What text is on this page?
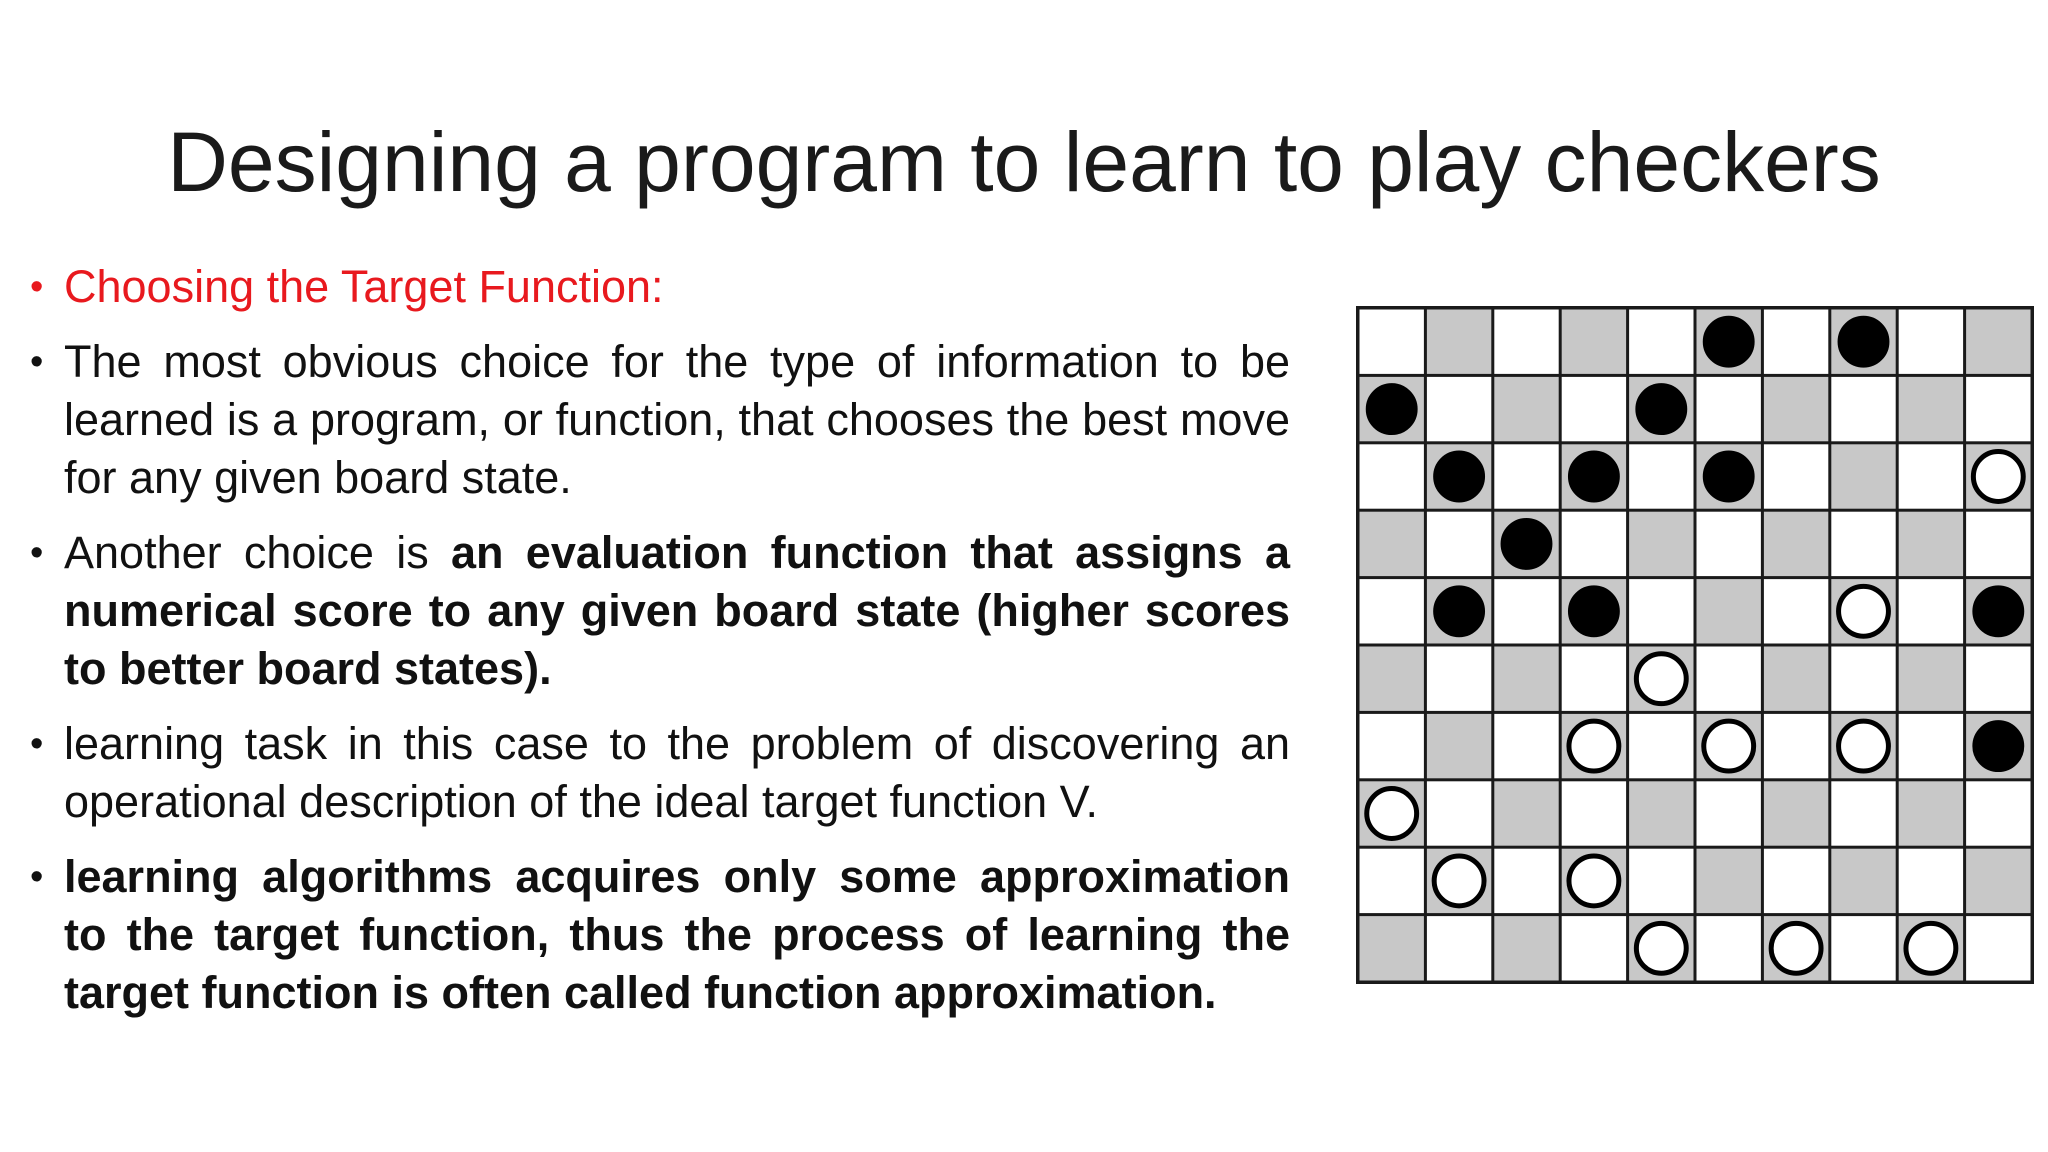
Designing a program to learn to play checkers
• Choosing the Target Function:
• The most obvious choice for the type of information to be learned is a program, or function, that chooses the best move for any given board state.
• Another choice is an evaluation function that assigns a numerical score to any given board state (higher scores to better board states).
• learning task in this case to the problem of discovering an operational description of the ideal target function V.
• learning algorithms acquires only some approximation to the target function, thus the process of learning the target function is often called function approximation.
